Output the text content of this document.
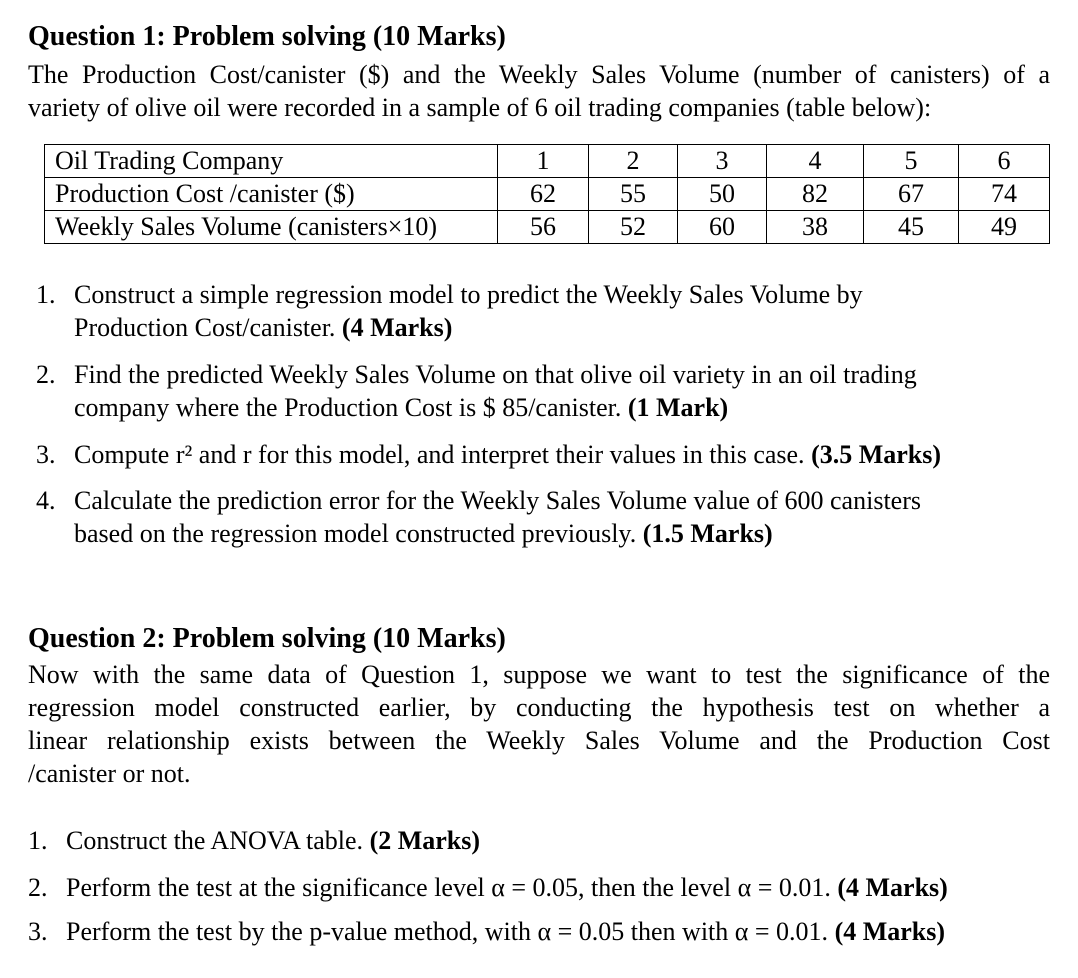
Question 1: Problem solving (10 Marks)
The Production Cost/canister ($) and the Weekly Sales Volume (number of canisters) of a
variety of olive oil were recorded in a sample of 6 oil trading companies (table below):
Oil Trading Company	1	2	3	4	5	6
Production Cost /canister ($)	62	55	50	82	67	74
Weekly Sales Volume (canisters×10)	56	52	60	38	45	49
1. Construct a simple regression model to predict the Weekly Sales Volume by
Production Cost/canister. (4 Marks)
2. Find the predicted Weekly Sales Volume on that olive oil variety in an oil trading
company where the Production Cost is $ 85/canister. (1 Mark)
3. Compute r² and r for this model, and interpret their values in this case. (3.5 Marks)
4. Calculate the prediction error for the Weekly Sales Volume value of 600 canisters
based on the regression model constructed previously. (1.5 Marks)
Question 2: Problem solving (10 Marks)
Now with the same data of Question 1, suppose we want to test the significance of the
regression model constructed earlier, by conducting the hypothesis test on whether a
linear relationship exists between the Weekly Sales Volume and the Production Cost
/canister or not.
1. Construct the ANOVA table. (2 Marks)
2. Perform the test at the significance level α = 0.05, then the level α = 0.01. (4 Marks)
3. Perform the test by the p-value method, with α = 0.05 then with α = 0.01. (4 Marks)
